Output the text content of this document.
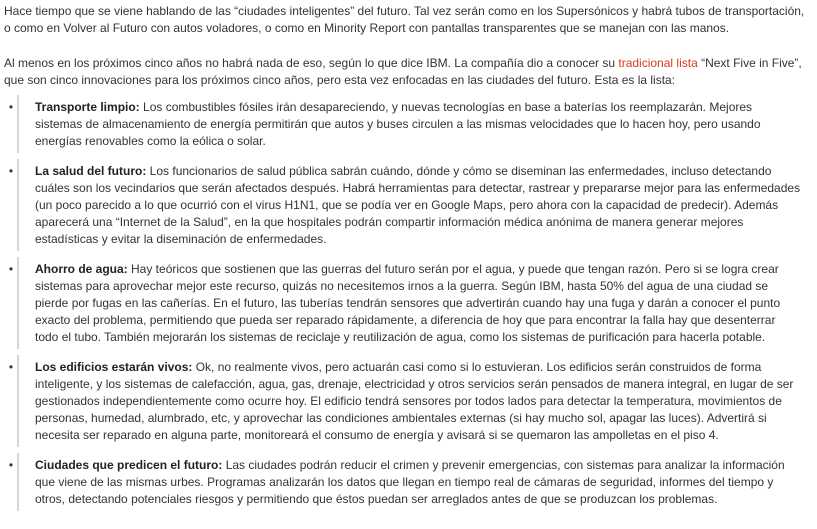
Hace tiempo que se viene hablando de las “ciudades inteligentes” del futuro. Tal vez serán como en los Supersónicos y habrá tubos de transportación, o como en Volver al Futuro con autos voladores, o como en Minority Report con pantallas transparentes que se manejan con las manos.

Al menos en los próximos cinco años no habrá nada de eso, según lo que dice IBM. La compañía dio a conocer su tradicional lista “Next Five in Five”, que son cinco innovaciones para los próximos cinco años, pero esta vez enfocadas en las ciudades del futuro. Esta es la lista:

• Transporte limpio: Los combustibles fósiles irán desapareciendo, y nuevas tecnologías en base a baterías los reemplazarán. Mejores sistemas de almacenamiento de energía permitirán que autos y buses circulen a las mismas velocidades que lo hacen hoy, pero usando energías renovables como la eólica o solar.
• La salud del futuro: Los funcionarios de salud pública sabrán cuándo, dónde y cómo se diseminan las enfermedades, incluso detectando cuáles son los vecindarios que serán afectados después. Habrá herramientas para detectar, rastrear y prepararse mejor para las enfermedades (un poco parecido a lo que ocurrió con el virus H1N1, que se podía ver en Google Maps, pero ahora con la capacidad de predecir). Además aparecerá una “Internet de la Salud”, en la que hospitales podrán compartir información médica anónima de manera generar mejores estadísticas y evitar la diseminación de enfermedades.
• Ahorro de agua: Hay teóricos que sostienen que las guerras del futuro serán por el agua, y puede que tengan razón. Pero si se logra crear sistemas para aprovechar mejor este recurso, quizás no necesitemos irnos a la guerra. Según IBM, hasta 50% del agua de una ciudad se pierde por fugas en las cañerías. En el futuro, las tuberías tendrán sensores que advertirán cuando hay una fuga y darán a conocer el punto exacto del problema, permitiendo que pueda ser reparado rápidamente, a diferencia de hoy que para encontrar la falla hay que desenterrar todo el tubo. También mejorarán los sistemas de reciclaje y reutilización de agua, como los sistemas de purificación para hacerla potable.
• Los edificios estarán vivos: Ok, no realmente vivos, pero actuarán casi como si lo estuvieran. Los edificios serán construidos de forma inteligente, y los sistemas de calefacción, agua, gas, drenaje, electricidad y otros servicios serán pensados de manera integral, en lugar de ser gestionados independientemente como ocurre hoy. El edificio tendrá sensores por todos lados para detectar la temperatura, movimientos de personas, humedad, alumbrado, etc, y aprovechar las condiciones ambientales externas (si hay mucho sol, apagar las luces). Advertirá si necesita ser reparado en alguna parte, monitoreará el consumo de energía y avisará si se quemaron las ampolletas en el piso 4.
• Ciudades que predicen el futuro: Las ciudades podrán reducir el crimen y prevenir emergencias, con sistemas para analizar la información que viene de las mismas urbes. Programas analizarán los datos que llegan en tiempo real de cámaras de seguridad, informes del tiempo y otros, detectando potenciales riesgos y permitiendo que éstos puedan ser arreglados antes de que se produzcan los problemas.
